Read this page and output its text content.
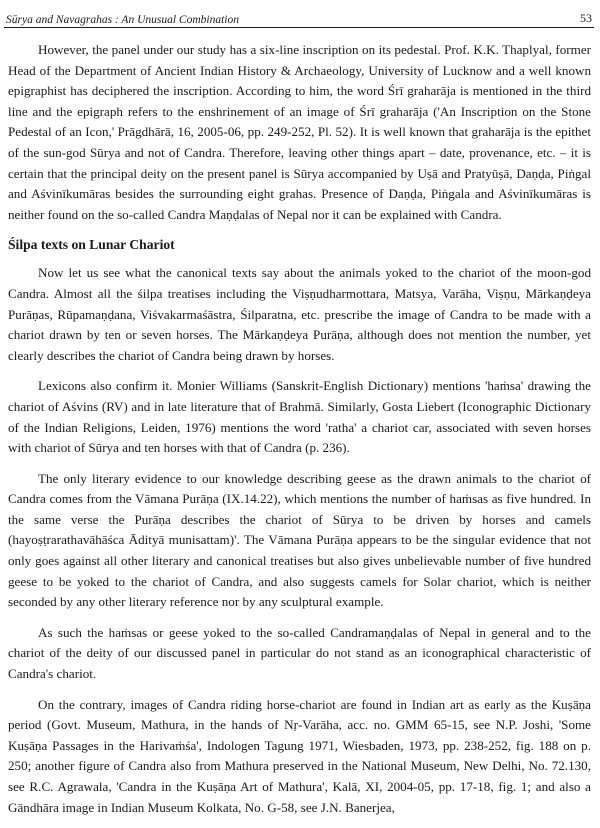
Sūrya and Navagrahas : An Unusual Combination	53

However, the panel under our study has a six-line inscription on its pedestal. Prof. K.K. Thaplyal, former Head of the Department of Ancient Indian History & Archaeology, University of Lucknow and a well known epigraphist has deciphered the inscription. According to him, the word Śrī graharāja is mentioned in the third line and the epigraph refers to the enshrinement of an image of Śrī graharāja ('An Inscription on the Stone Pedestal of an Icon,' Prāgdhārā, 16, 2005-06, pp. 249-252, Pl. 52). It is well known that graharāja is the epithet of the sun-god Sūrya and not of Candra. Therefore, leaving other things apart – date, provenance, etc. – it is certain that the principal deity on the present panel is Sūrya accompanied by Uṣā and Pratyūṣā, Daṇḍa, Piṅgal and Aśvinīkumāras besides the surrounding eight grahas. Presence of Daṇḍa, Piṅgala and Aśvinīkumāras is neither found on the so-called Candra Maṇḍalas of Nepal nor it can be explained with Candra.

Śilpa texts on Lunar Chariot

Now let us see what the canonical texts say about the animals yoked to the chariot of the moon-god Candra. Almost all the śilpa treatises including the Viṣṇudharmottara, Matsya, Varāha, Viṣṇu, Mārkaṇḍeya Purāṇas, Rūpamaṇḍana, Viśvakarmaśāstra, Śilparatna, etc. prescribe the image of Candra to be made with a chariot drawn by ten or seven horses. The Mārkaṇḍeya Purāṇa, although does not mention the number, yet clearly describes the chariot of Candra being drawn by horses.

Lexicons also confirm it. Monier Williams (Sanskrit-English Dictionary) mentions 'haṁsa' drawing the chariot of Aśvins (RV) and in late literature that of Brahmā. Similarly, Gosta Liebert (Iconographic Dictionary of the Indian Religions, Leiden, 1976) mentions the word 'ratha' a chariot car, associated with seven horses with chariot of Sūrya and ten horses with that of Candra (p. 236).

The only literary evidence to our knowledge describing geese as the drawn animals to the chariot of Candra comes from the Vāmana Purāṇa (IX.14.22), which mentions the number of haṁsas as five hundred. In the same verse the Purāṇa describes the chariot of Sūrya to be driven by horses and camels (hayoṣṭrarathavāhāśca Ādityā munisattam)'. The Vāmana Purāṇa appears to be the singular evidence that not only goes against all other literary and canonical treatises but also gives unbelievable number of five hundred geese to be yoked to the chariot of Candra, and also suggests camels for Solar chariot, which is neither seconded by any other literary reference nor by any sculptural example.

As such the haṁsas or geese yoked to the so-called Candramaṇḍalas of Nepal in general and to the chariot of the deity of our discussed panel in particular do not stand as an iconographical characteristic of Candra's chariot.

On the contrary, images of Candra riding horse-chariot are found in Indian art as early as the Kuṣāṇa period (Govt. Museum, Mathura, in the hands of Nṛ-Varāha, acc. no. GMM 65-15, see N.P. Joshi, 'Some Kuṣāṇa Passages in the Harivaṁśa', Indologen Tagung 1971, Wiesbaden, 1973, pp. 238-252, fig. 188 on p. 250; another figure of Candra also from Mathura preserved in the National Museum, New Delhi, No. 72.130, see R.C. Agrawala, 'Candra in the Kuṣāṇa Art of Mathura', Kalā, XI, 2004-05, pp. 17-18, fig. 1; and also a Gāndhāra image in Indian Museum Kolkata, No. G-58, see J.N. Banerjea,
